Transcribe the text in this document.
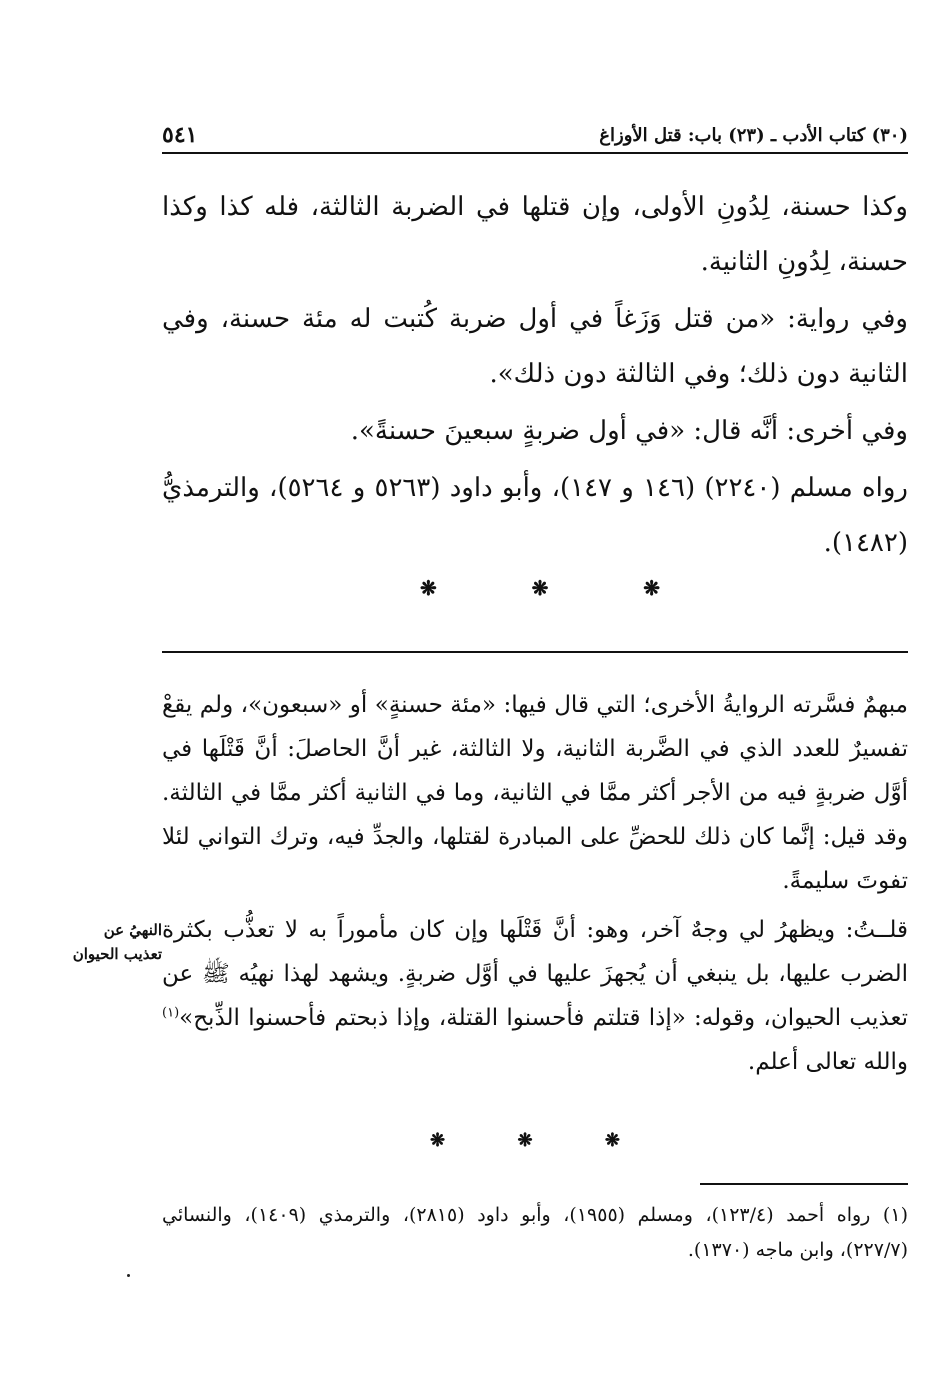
٥٤١	(٣٠) كتاب الأدب ـ (٢٣) باب: قتل الأوزاغ

وكذا حسنة، لِدُونِ الأولى، وإن قتلها في الضربة الثالثة، فله كذا وكذا حسنة، لِدُونِ الثانية.

وفي رواية: «من قتل وَزَغاً في أول ضربة كُتبت له مئة حسنة، وفي الثانية دون ذلك؛ وفي الثالثة دون ذلك».

وفي أخرى: أنَّه قال: «في أول ضربةٍ سبعينَ حسنةً».

رواه مسلم (٢٢٤٠) (١٤٦ و ١٤٧)، وأبو داود (٥٢٦٣ و ٥٢٦٤)، والترمذيُّ (١٤٨٢).

❋	❋	❋

مبهمٌ فسَّرته الروايةُ الأخرى؛ التي قال فيها: «مئة حسنةٍ» أو «سبعون»، ولم يقعْ تفسيرٌ للعدد الذي في الضَّربة الثانية، ولا الثالثة، غير أنَّ الحاصلَ: أنَّ قَتْلَها في أوَّل ضربةٍ فيه من الأجر أكثر ممَّا في الثانية، وما في الثانية أكثر ممَّا في الثالثة. وقد قيل: إنَّما كان ذلك للحضِّ على المبادرة لقتلها، والجدِّ فيه، وترك التواني لئلا تفوتَ سليمةً.

قلــتُ: ويظهرُ لي وجهٌ آخر، وهو: أنَّ قَتْلَها وإن كان مأموراً به لا تعذُّب بكثرة الضرب عليها، بل ينبغي أن يُجهزَ عليها في أوَّل ضربةٍ. ويشهد لهذا نهيُه ﷺ عن تعذيب الحيوان، وقوله: «إذا قتلتم فأحسنوا القتلة، وإذا ذبحتم فأحسنوا الذِّبح»$^{(١)}$ والله تعالى أعلم.

النهيُ عن
تعذيب الحيوان
❋	❋	❋
(١) رواه أحمد (١٢٣/٤)، ومسلم (١٩٥٥)، وأبو داود (٢٨١٥)، والترمذي (١٤٠٩)، والنسائي (٢٢٧/٧)، وابن ماجه (١٣٧٠).
